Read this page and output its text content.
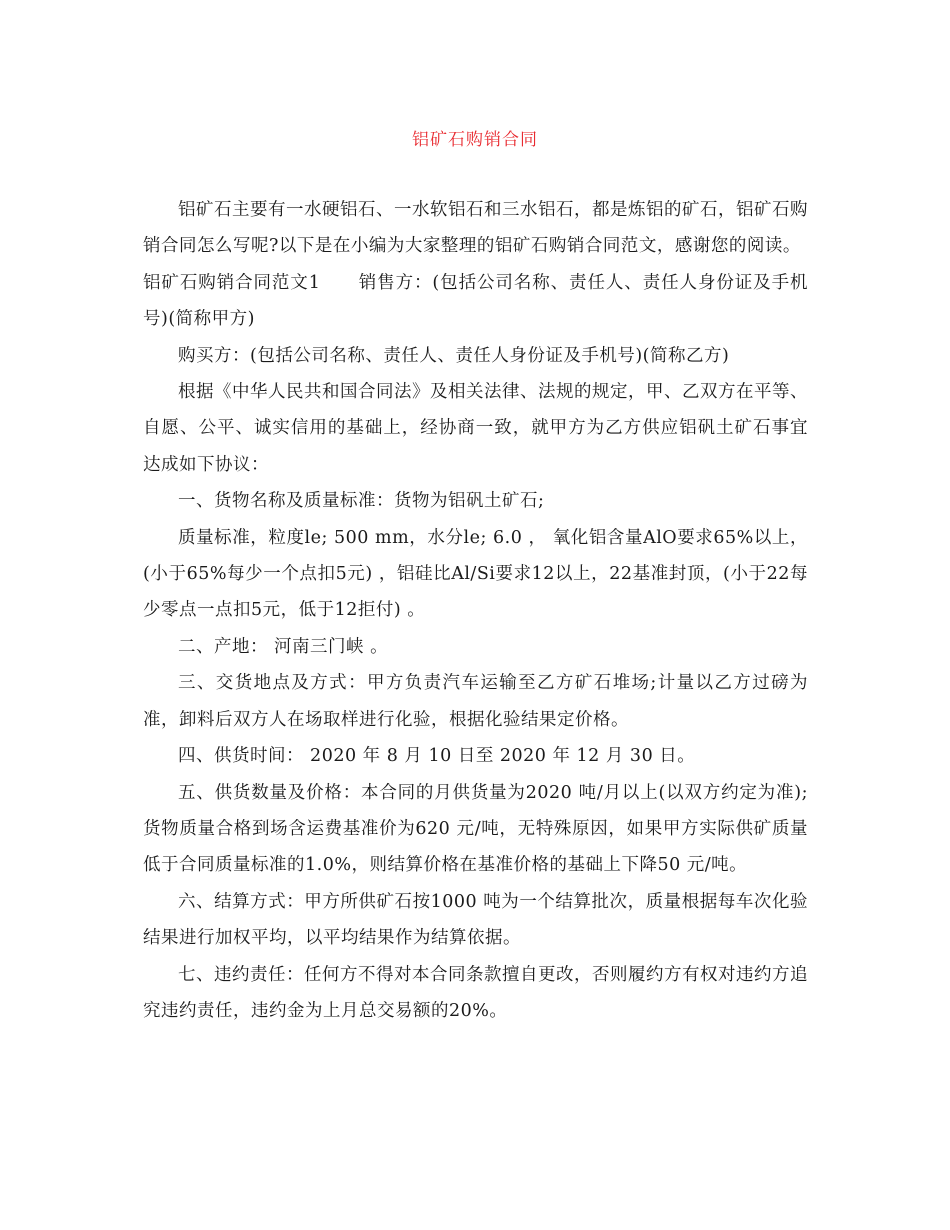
铝矿石购销合同

铝矿石主要有一水硬铝石、一水软铝石和三水铝石，都是炼铝的矿石，铝矿石购销合同怎么写呢?以下是在小编为大家整理的铝矿石购销合同范文，感谢您的阅读。

铝矿石购销合同范文1 销售方：(包括公司名称、责任人、责任人身份证及手机号)(简称甲方)

购买方：(包括公司名称、责任人、责任人身份证及手机号)(简称乙方)

根据《中华人民共和国合同法》及相关法律、法规的规定，甲、乙双方在平等、自愿、公平、诚实信用的基础上，经协商一致，就甲方为乙方供应铝矾土矿石事宜达成如下协议：

一、货物名称及质量标准：货物为铝矾土矿石;

质量标准，粒度le; 500 mm，水分le; 6.0 ， 氧化铝含量AlO要求65%以上，(小于65%每少一个点扣5元) ，铝硅比Al/Si要求12以上，22基准封顶，(小于22每少零点一点扣5元，低于12拒付) 。

二、产地： 河南三门峡 。

三、交货地点及方式：甲方负责汽车运输至乙方矿石堆场;计量以乙方过磅为准，卸料后双方人在场取样进行化验，根据化验结果定价格。

四、供货时间： 2020 年 8 月 10 日至 2020 年 12 月 30 日。

五、供货数量及价格：本合同的月供货量为2020 吨/月以上(以双方约定为准); 货物质量合格到场含运费基准价为620 元/吨，无特殊原因，如果甲方实际供矿质量低于合同质量标准的1.0%，则结算价格在基准价格的基础上下降50 元/吨。

六、结算方式：甲方所供矿石按1000 吨为一个结算批次，质量根据每车次化验结果进行加权平均，以平均结果作为结算依据。

七、违约责任：任何方不得对本合同条款擅自更改，否则履约方有权对违约方追究违约责任，违约金为上月总交易额的20%。
